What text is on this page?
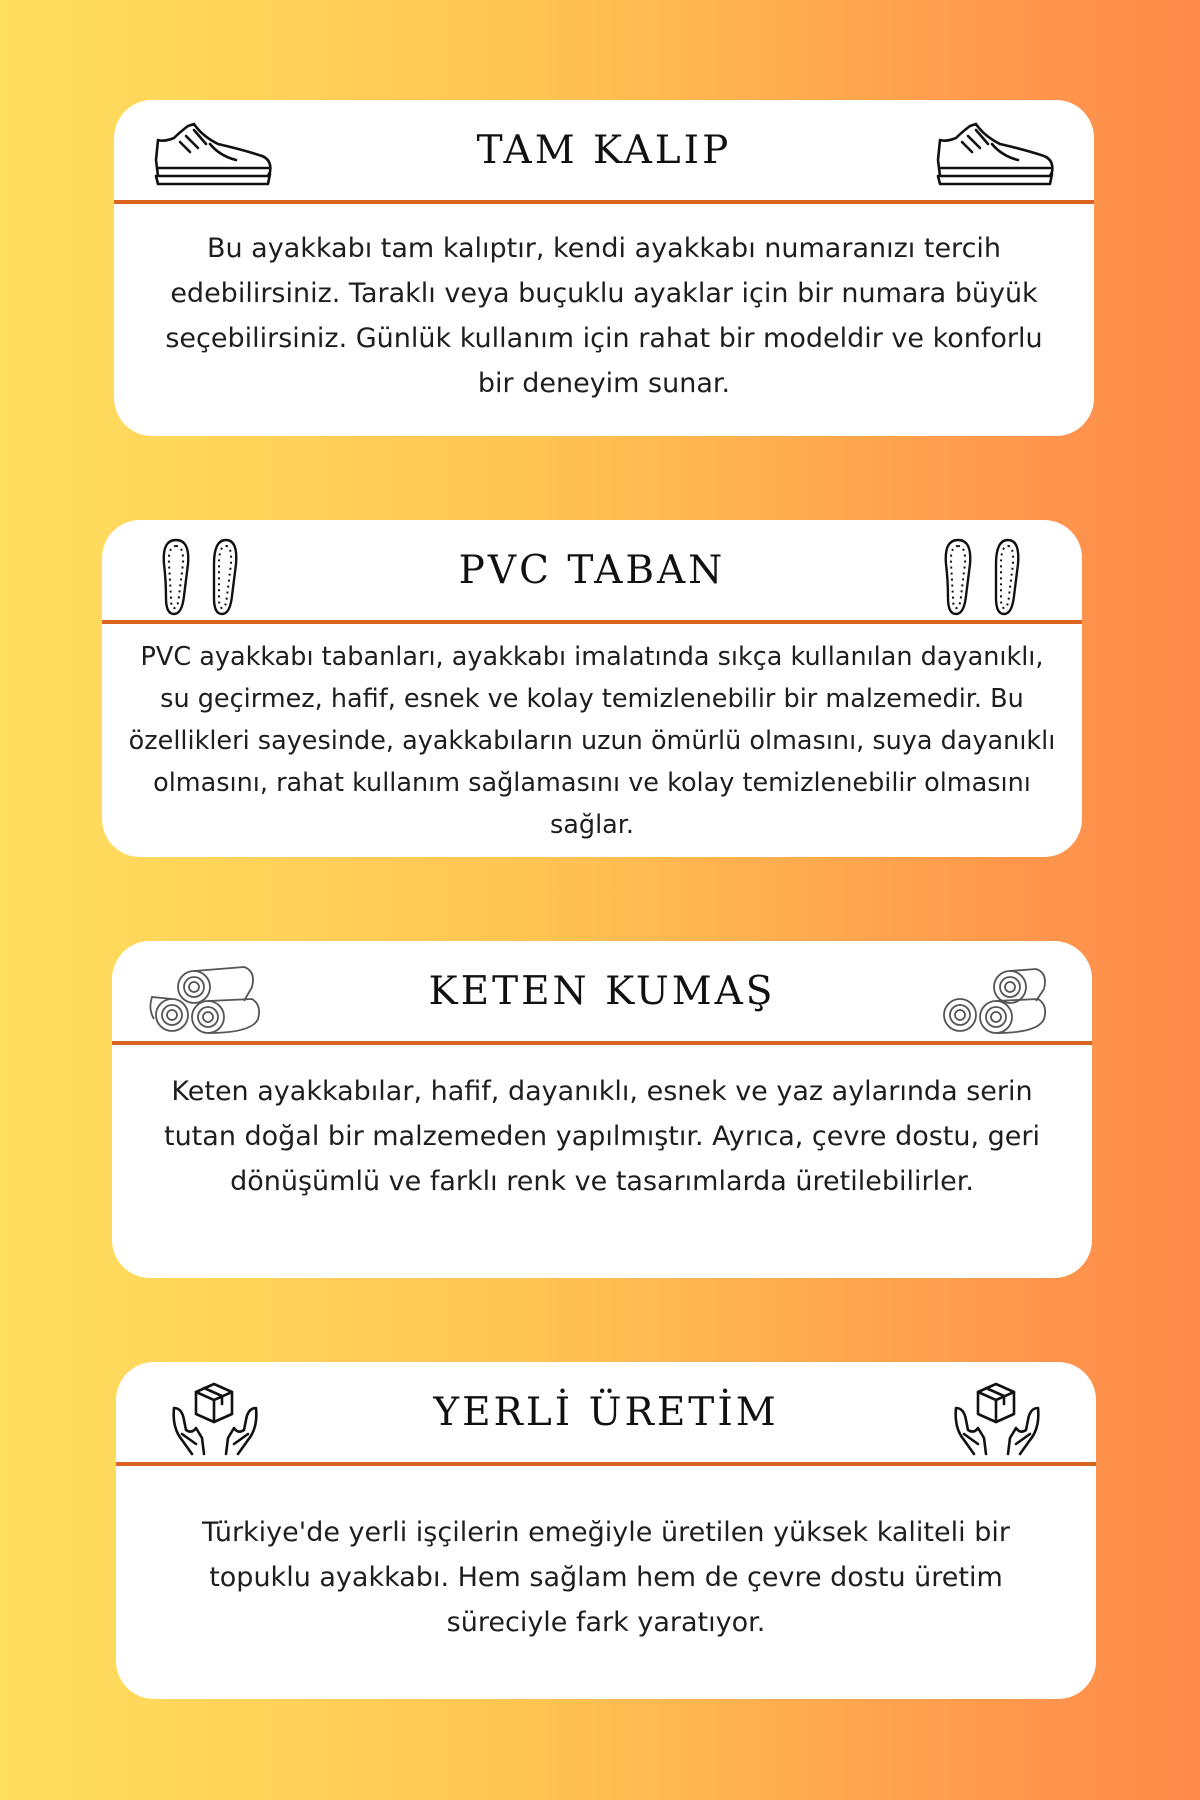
TAM KALIP
Bu ayakkabı tam kalıptır, kendi ayakkabı numaranızı tercih edebilirsiniz. Taraklı veya buçuklu ayaklar için bir numara büyük seçebilirsiniz. Günlük kullanım için rahat bir modeldir ve konforlu bir deneyim sunar.
PVC TABAN
PVC ayakkabı tabanları, ayakkabı imalatında sıkça kullanılan dayanıklı, su geçirmez, hafif, esnek ve kolay temizlenebilir bir malzemedir. Bu özellikleri sayesinde, ayakkabıların uzun ömürlü olmasını, suya dayanıklı olmasını, rahat kullanım sağlamasını ve kolay temizlenebilir olmasını sağlar.
KETEN KUMAŞ
Keten ayakkabılar, hafif, dayanıklı, esnek ve yaz aylarında serin tutan doğal bir malzemeden yapılmıştır. Ayrıca, çevre dostu, geri dönüşümlü ve farklı renk ve tasarımlarda üretilebilirler.
YERLİ ÜRETİM
Türkiye'de yerli işçilerin emeğiyle üretilen yüksek kaliteli bir topuklu ayakkabı. Hem sağlam hem de çevre dostu üretim süreciyle fark yaratıyor.
